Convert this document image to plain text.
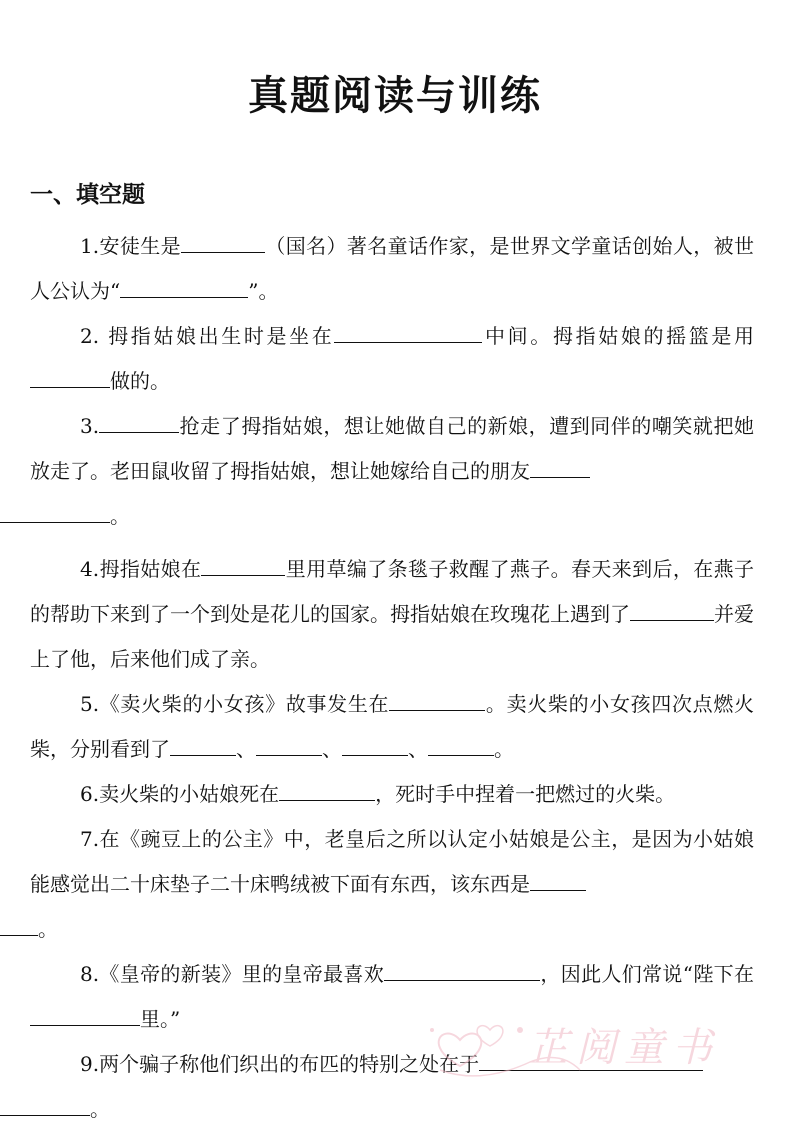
真题阅读与训练
一、填空题

1.安徒生是	（国名）著名童话作家，是世界文学童话创始人，被世人公认为“	”。

2. 拇指姑娘出生时是坐在	中间。拇指姑娘的摇篮是用做的。

3.	抢走了拇指姑娘，想让她做自己的新娘，遭到同伴的嘲笑就把她放走了。老田鼠收留了拇指姑娘，想让她嫁给自己的朋友
。

4.拇指姑娘在	里用草编了条毯子救醒了燕子。春天来到后，在燕子的帮助下来到了一个到处是花儿的国家。拇指姑娘在玫瑰花上遇到了	并爱上了他，后来他们成了亲。

5.《卖火柴的小女孩》故事发生在	。卖火柴的小女孩四次点燃火柴，分别看到了	、	、	、	。

6.卖火柴的小姑娘死在	，死时手中捏着一把燃过的火柴。

7.在《豌豆上的公主》中，老皇后之所以认定小姑娘是公主，是因为小姑娘能感觉出二十床垫子二十床鸭绒被下面有东西，该东西是
。

8.《皇帝的新装》里的皇帝最喜欢	，因此人们常说“陛下在里。”

9.两个骗子称他们织出的布匹的特别之处在于
。

芷阅童书
